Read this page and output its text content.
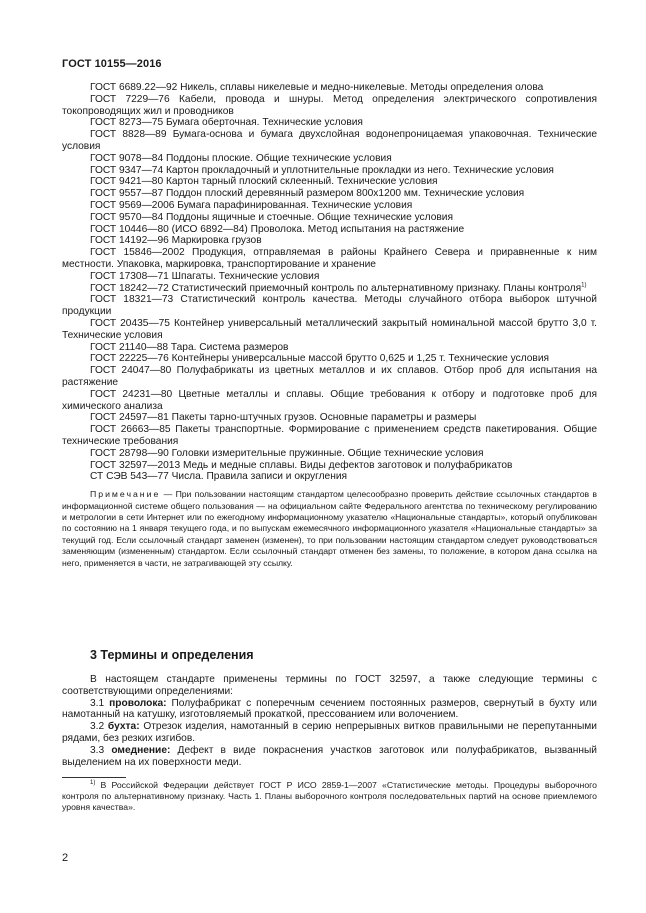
ГОСТ 10155—2016

ГОСТ 6689.22—92 Никель, сплавы никелевые и медно-никелевые. Методы определения олова

ГОСТ 7229—76 Кабели, провода и шнуры. Метод определения электрического сопротивления токопроводящих жил и проводников

ГОСТ 8273—75 Бумага оберточная. Технические условия

ГОСТ 8828—89 Бумага-основа и бумага двухслойная водонепроницаемая упаковочная. Технические условия

ГОСТ 9078—84 Поддоны плоские. Общие технические условия

ГОСТ 9347—74 Картон прокладочный и уплотнительные прокладки из него. Технические условия

ГОСТ 9421—80 Картон тарный плоский склеенный. Технические условия

ГОСТ 9557—87 Поддон плоский деревянный размером 800х1200 мм. Технические условия

ГОСТ 9569—2006 Бумага парафинированная. Технические условия

ГОСТ 9570—84 Поддоны ящичные и стоечные. Общие технические условия

ГОСТ 10446—80 (ИСО 6892—84) Проволока. Метод испытания на растяжение

ГОСТ 14192—96 Маркировка грузов

ГОСТ 15846—2002 Продукция, отправляемая в районы Крайнего Севера и приравненные к ним местности. Упаковка, маркировка, транспортирование и хранение

ГОСТ 17308—71 Шпагаты. Технические условия

ГОСТ 18242—72 Статистический приемочный контроль по альтернативному признаку. Планы контроля$^{1)}$

ГОСТ 18321—73 Статистический контроль качества. Методы случайного отбора выборок штучной продукции

ГОСТ 20435—75 Контейнер универсальный металлический закрытый номинальной массой брутто 3,0 т. Технические условия

ГОСТ 21140—88 Тара. Система размеров

ГОСТ 22225—76 Контейнеры универсальные массой брутто 0,625 и 1,25 т. Технические условия

ГОСТ 24047—80 Полуфабрикаты из цветных металлов и их сплавов. Отбор проб для испытания на растяжение

ГОСТ 24231—80 Цветные металлы и сплавы. Общие требования к отбору и подготовке проб для химического анализа

ГОСТ 24597—81 Пакеты тарно-штучных грузов. Основные параметры и размеры

ГОСТ 26663—85 Пакеты транспортные. Формирование с применением средств пакетирования. Общие технические требования

ГОСТ 28798—90 Головки измерительные пружинные. Общие технические условия

ГОСТ 32597—2013 Медь и медные сплавы. Виды дефектов заготовок и полуфабрикатов

СТ СЭВ 543—77 Числа. Правила записи и округления

Примечание — При пользовании настоящим стандартом целесообразно проверить действие ссылочных стандартов в информационной системе общего пользования — на официальном сайте Федерального агентства по техническому регулированию и метрологии в сети Интернет или по ежегодному информационному указателю «Национальные стандарты», который опубликован по состоянию на 1 января текущего года, и по выпускам ежемесячного информационного указателя «Национальные стандарты» за текущий год. Если ссылочный стандарт заменен (изменен), то при пользовании настоящим стандартом следует руководствоваться заменяющим (измененным) стандартом. Если ссылочный стандарт отменен без замены, то положение, в котором дана ссылка на него, применяется в части, не затрагивающей эту ссылку.

3 Термины и определения

В настоящем стандарте применены термины по ГОСТ 32597, а также следующие термины с соответствующими определениями:

3.1 проволока: Полуфабрикат с поперечным сечением постоянных размеров, свернутый в бухту или намотанный на катушку, изготовляемый прокаткой, прессованием или волочением.

3.2 бухта: Отрезок изделия, намотанный в серию непрерывных витков правильными не перепутанными рядами, без резких изгибов.

3.3 омеднение: Дефект в виде покраснения участков заготовок или полуфабрикатов, вызванный выделением на их поверхности меди.

$^{1)}$ В Российской Федерации действует ГОСТ Р ИСО 2859-1—2007 «Статистические методы. Процедуры выборочного контроля по альтернативному признаку. Часть 1. Планы выборочного контроля последовательных партий на основе приемлемого уровня качества».

2
